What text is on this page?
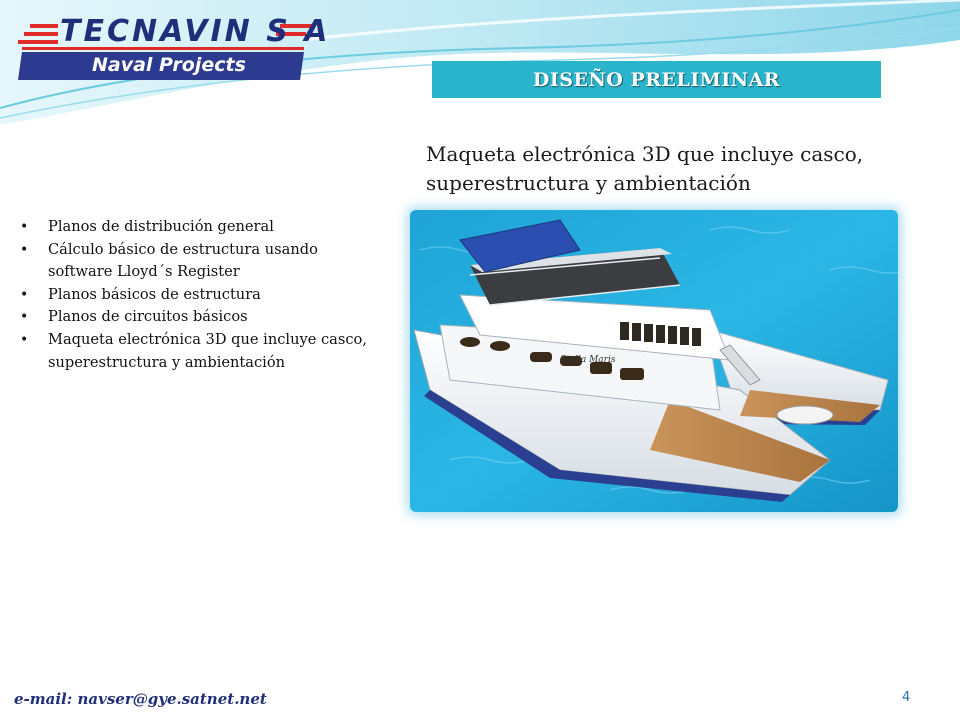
TECNAVIN S A
Naval Projects
DISEÑO PRELIMINAR
Maqueta electrónica 3D que incluye casco, superestructura y ambientación
• Planos de distribución general
• Cálculo básico de estructura usando software Lloyd´s Register
• Planos básicos de estructura
• Planos de circuitos básicos
• Maqueta electrónica 3D que incluye casco, superestructura y ambientación	Stella Maris
e-mail: navser@gye.satnet.net	4
